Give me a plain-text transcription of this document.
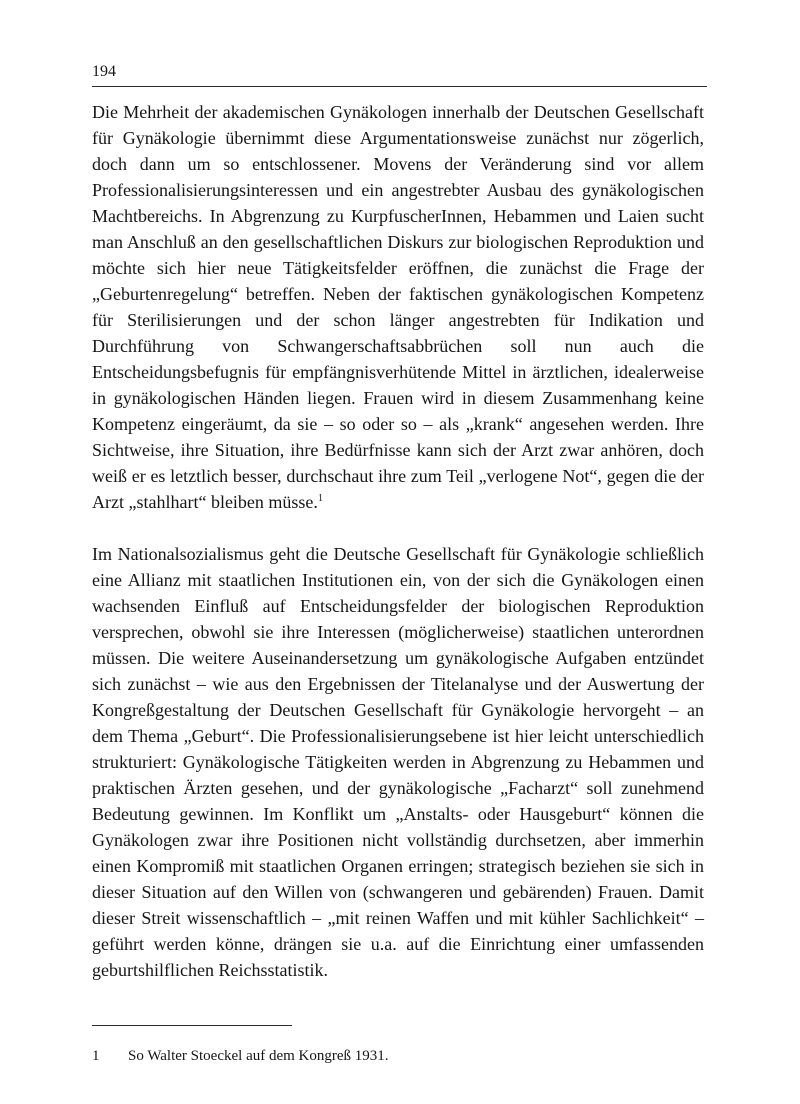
194

Die Mehrheit der akademischen Gynäkologen innerhalb der Deutschen Gesellschaft für Gynäkologie übernimmt diese Argumentationsweise zunächst nur zögerlich, doch dann um so entschlossener. Movens der Veränderung sind vor allem Professionalisierungsinteressen und ein angestrebter Ausbau des gynäkologischen Machtbereichs. In Abgrenzung zu KurpfuscherInnen, Hebammen und Laien sucht man Anschluß an den gesellschaftlichen Diskurs zur biologischen Reproduktion und möchte sich hier neue Tätigkeitsfelder eröffnen, die zunächst die Frage der „Geburtenregelung“ betreffen. Neben der faktischen gynäkologischen Kompetenz für Sterilisierungen und der schon länger angestrebten für Indikation und Durchführung von Schwangerschaftsabbrüchen soll nun auch die Entscheidungsbefugnis für empfängnisverhütende Mittel in ärztlichen, idealerweise in gynäkologischen Händen liegen. Frauen wird in diesem Zusammenhang keine Kompetenz eingeräumt, da sie – so oder so – als „krank“ angesehen werden. Ihre Sichtweise, ihre Situation, ihre Bedürfnisse kann sich der Arzt zwar anhören, doch weiß er es letztlich besser, durchschaut ihre zum Teil „verlogene Not“, gegen die der Arzt „stahlhart“ bleiben müsse.$^1$

Im Nationalsozialismus geht die Deutsche Gesellschaft für Gynäkologie schließlich eine Allianz mit staatlichen Institutionen ein, von der sich die Gynäkologen einen wachsenden Einfluß auf Entscheidungsfelder der biologischen Reproduktion versprechen, obwohl sie ihre Interessen (möglicherweise) staatlichen unterordnen müssen. Die weitere Auseinandersetzung um gynäkologische Aufgaben entzündet sich zunächst – wie aus den Ergebnissen der Titelanalyse und der Auswertung der Kongreßgestaltung der Deutschen Gesellschaft für Gynäkologie hervorgeht – an dem Thema „Geburt“. Die Professionalisierungsebene ist hier leicht unterschiedlich strukturiert: Gynäkologische Tätigkeiten werden in Abgrenzung zu Hebammen und praktischen Ärzten gesehen, und der gynäkologische „Facharzt“ soll zunehmend Bedeutung gewinnen. Im Konflikt um „Anstalts- oder Hausgeburt“ können die Gynäkologen zwar ihre Positionen nicht vollständig durchsetzen, aber immerhin einen Kompromiß mit staatlichen Organen erringen; strategisch beziehen sie sich in dieser Situation auf den Willen von (schwangeren und gebärenden) Frauen. Damit dieser Streit wissenschaftlich – „mit reinen Waffen und mit kühler Sachlichkeit“ – geführt werden könne, drängen sie u.a. auf die Einrichtung einer umfassenden geburtshilflichen Reichsstatistik.

1 So Walter Stoeckel auf dem Kongreß 1931.
